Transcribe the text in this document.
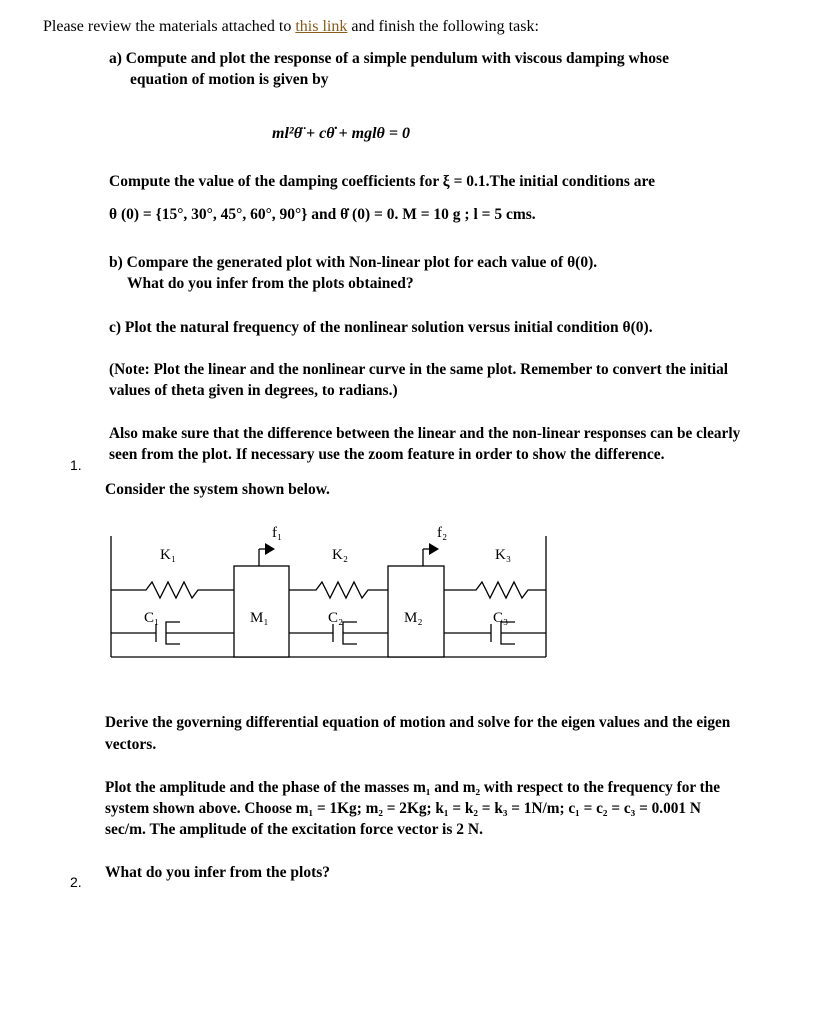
Please review the materials attached to this link and finish the following task:
a) Compute and plot the response of a simple pendulum with viscous damping whose
equation of motion is given by
ml²θ̈ + cθ̇ + mglθ = 0
Compute the value of the damping coefficients for ξ = 0.1.The initial conditions are
θ (0) = {15°, 30°, 45°, 60°, 90°} and θ̇ (0) = 0. M = 10 g ; l = 5 cms.
b) Compare the generated plot with Non-linear plot for each value of θ(0).
What do you infer from the plots obtained?
c) Plot the natural frequency of the nonlinear solution versus initial condition θ(0).
(Note: Plot the linear and the nonlinear curve in the same plot. Remember to convert the initial
values of theta given in degrees, to radians.)
Also make sure that the difference between the linear and the non-linear responses can be clearly
seen from the plot. If necessary use the zoom feature in order to show the difference.
1.
Consider the system shown below.
f₁	f₂
K₁	K₂	K₃
C₁	C₂	C₃
M₁	M₂
Derive the governing differential equation of motion and solve for the eigen values and the eigen
vectors.
Plot the amplitude and the phase of the masses m₁ and m₂ with respect to the frequency for the
system shown above. Choose m₁ = 1Kg; m₂ = 2Kg; k₁ = k₂ = k₃ = 1N/m; c₁ = c₂ = c₃ = 0.001 N
sec/m. The amplitude of the excitation force vector is 2 N.
What do you infer from the plots?
2.
